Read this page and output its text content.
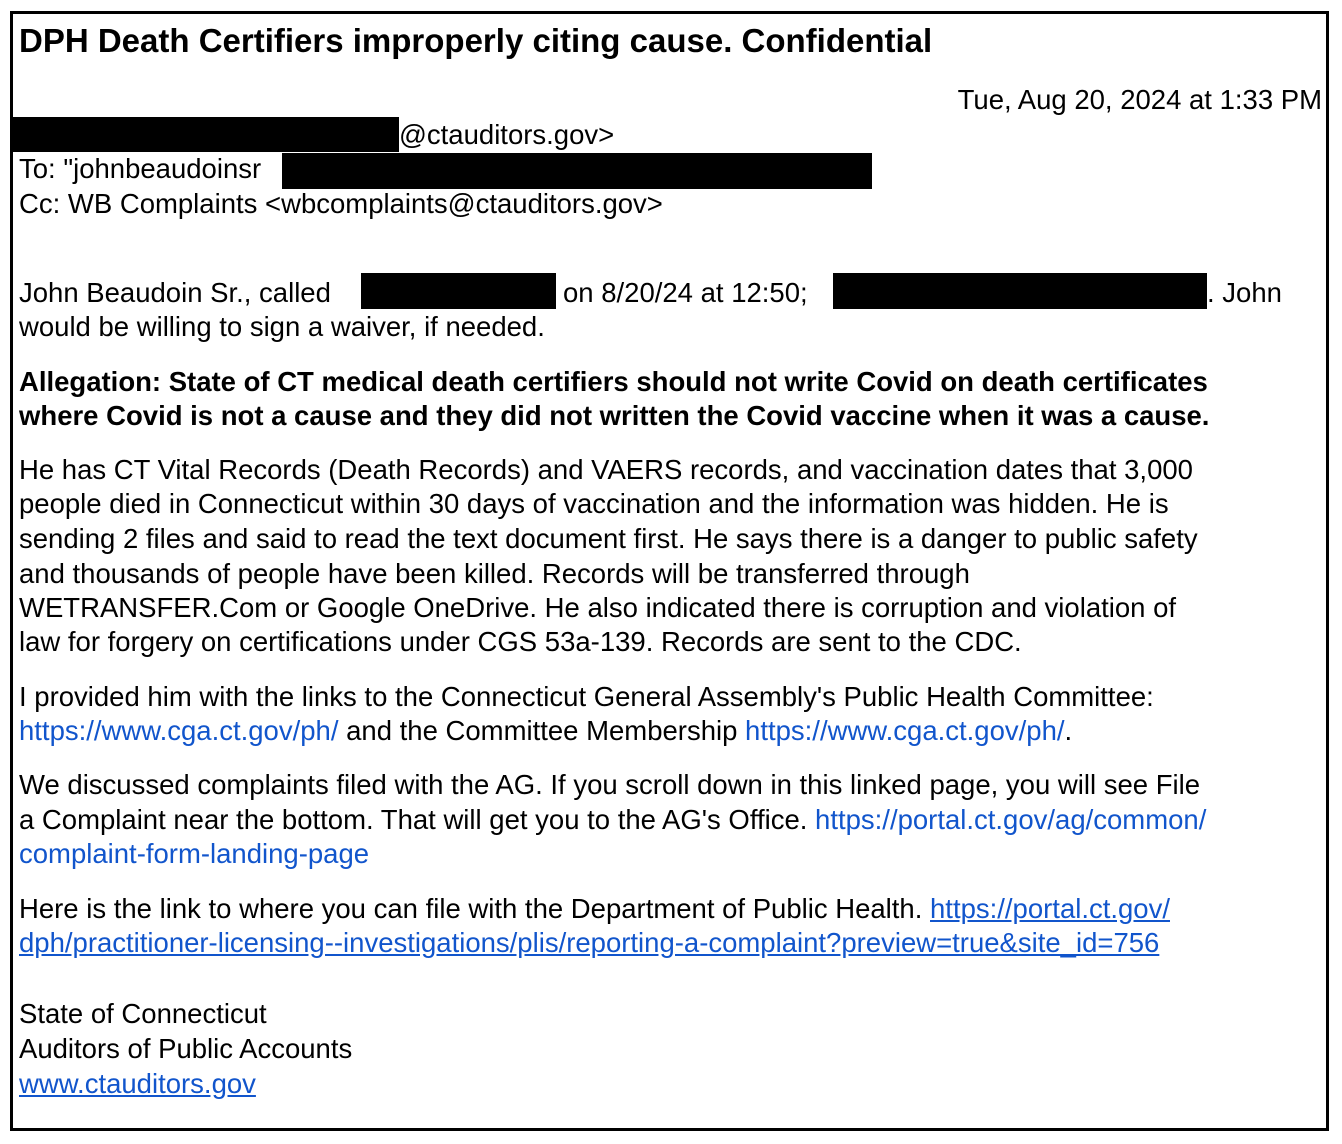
DPH Death Certifiers improperly citing cause. Confidential
Tue, Aug 20, 2024 at 1:33 PM
@ctauditors.gov>
To: "johnbeaudoinsr
Cc: WB Complaints <wbcomplaints@ctauditors.gov>
John Beaudoin Sr., called	on 8/20/24 at 12:50;	. John
would be willing to sign a waiver, if needed.
Allegation: State of CT medical death certifiers should not write Covid on death certificates
where Covid is not a cause and they did not written the Covid vaccine when it was a cause.
He has CT Vital Records (Death Records) and VAERS records, and vaccination dates that 3,000
people died in Connecticut within 30 days of vaccination and the information was hidden. He is
sending 2 files and said to read the text document first. He says there is a danger to public safety
and thousands of people have been killed. Records will be transferred through
WETRANSFER.Com or Google OneDrive. He also indicated there is corruption and violation of
law for forgery on certifications under CGS 53a-139. Records are sent to the CDC.
I provided him with the links to the Connecticut General Assembly's Public Health Committee:
https://www.cga.ct.gov/ph/ and the Committee Membership https://www.cga.ct.gov/ph/.
We discussed complaints filed with the AG. If you scroll down in this linked page, you will see File
a Complaint near the bottom. That will get you to the AG's Office. https://portal.ct.gov/ag/common/
complaint-form-landing-page
Here is the link to where you can file with the Department of Public Health. https://portal.ct.gov/
dph/practitioner-licensing--investigations/plis/reporting-a-complaint?preview=true&site_id=756
State of Connecticut
Auditors of Public Accounts
www.ctauditors.gov
